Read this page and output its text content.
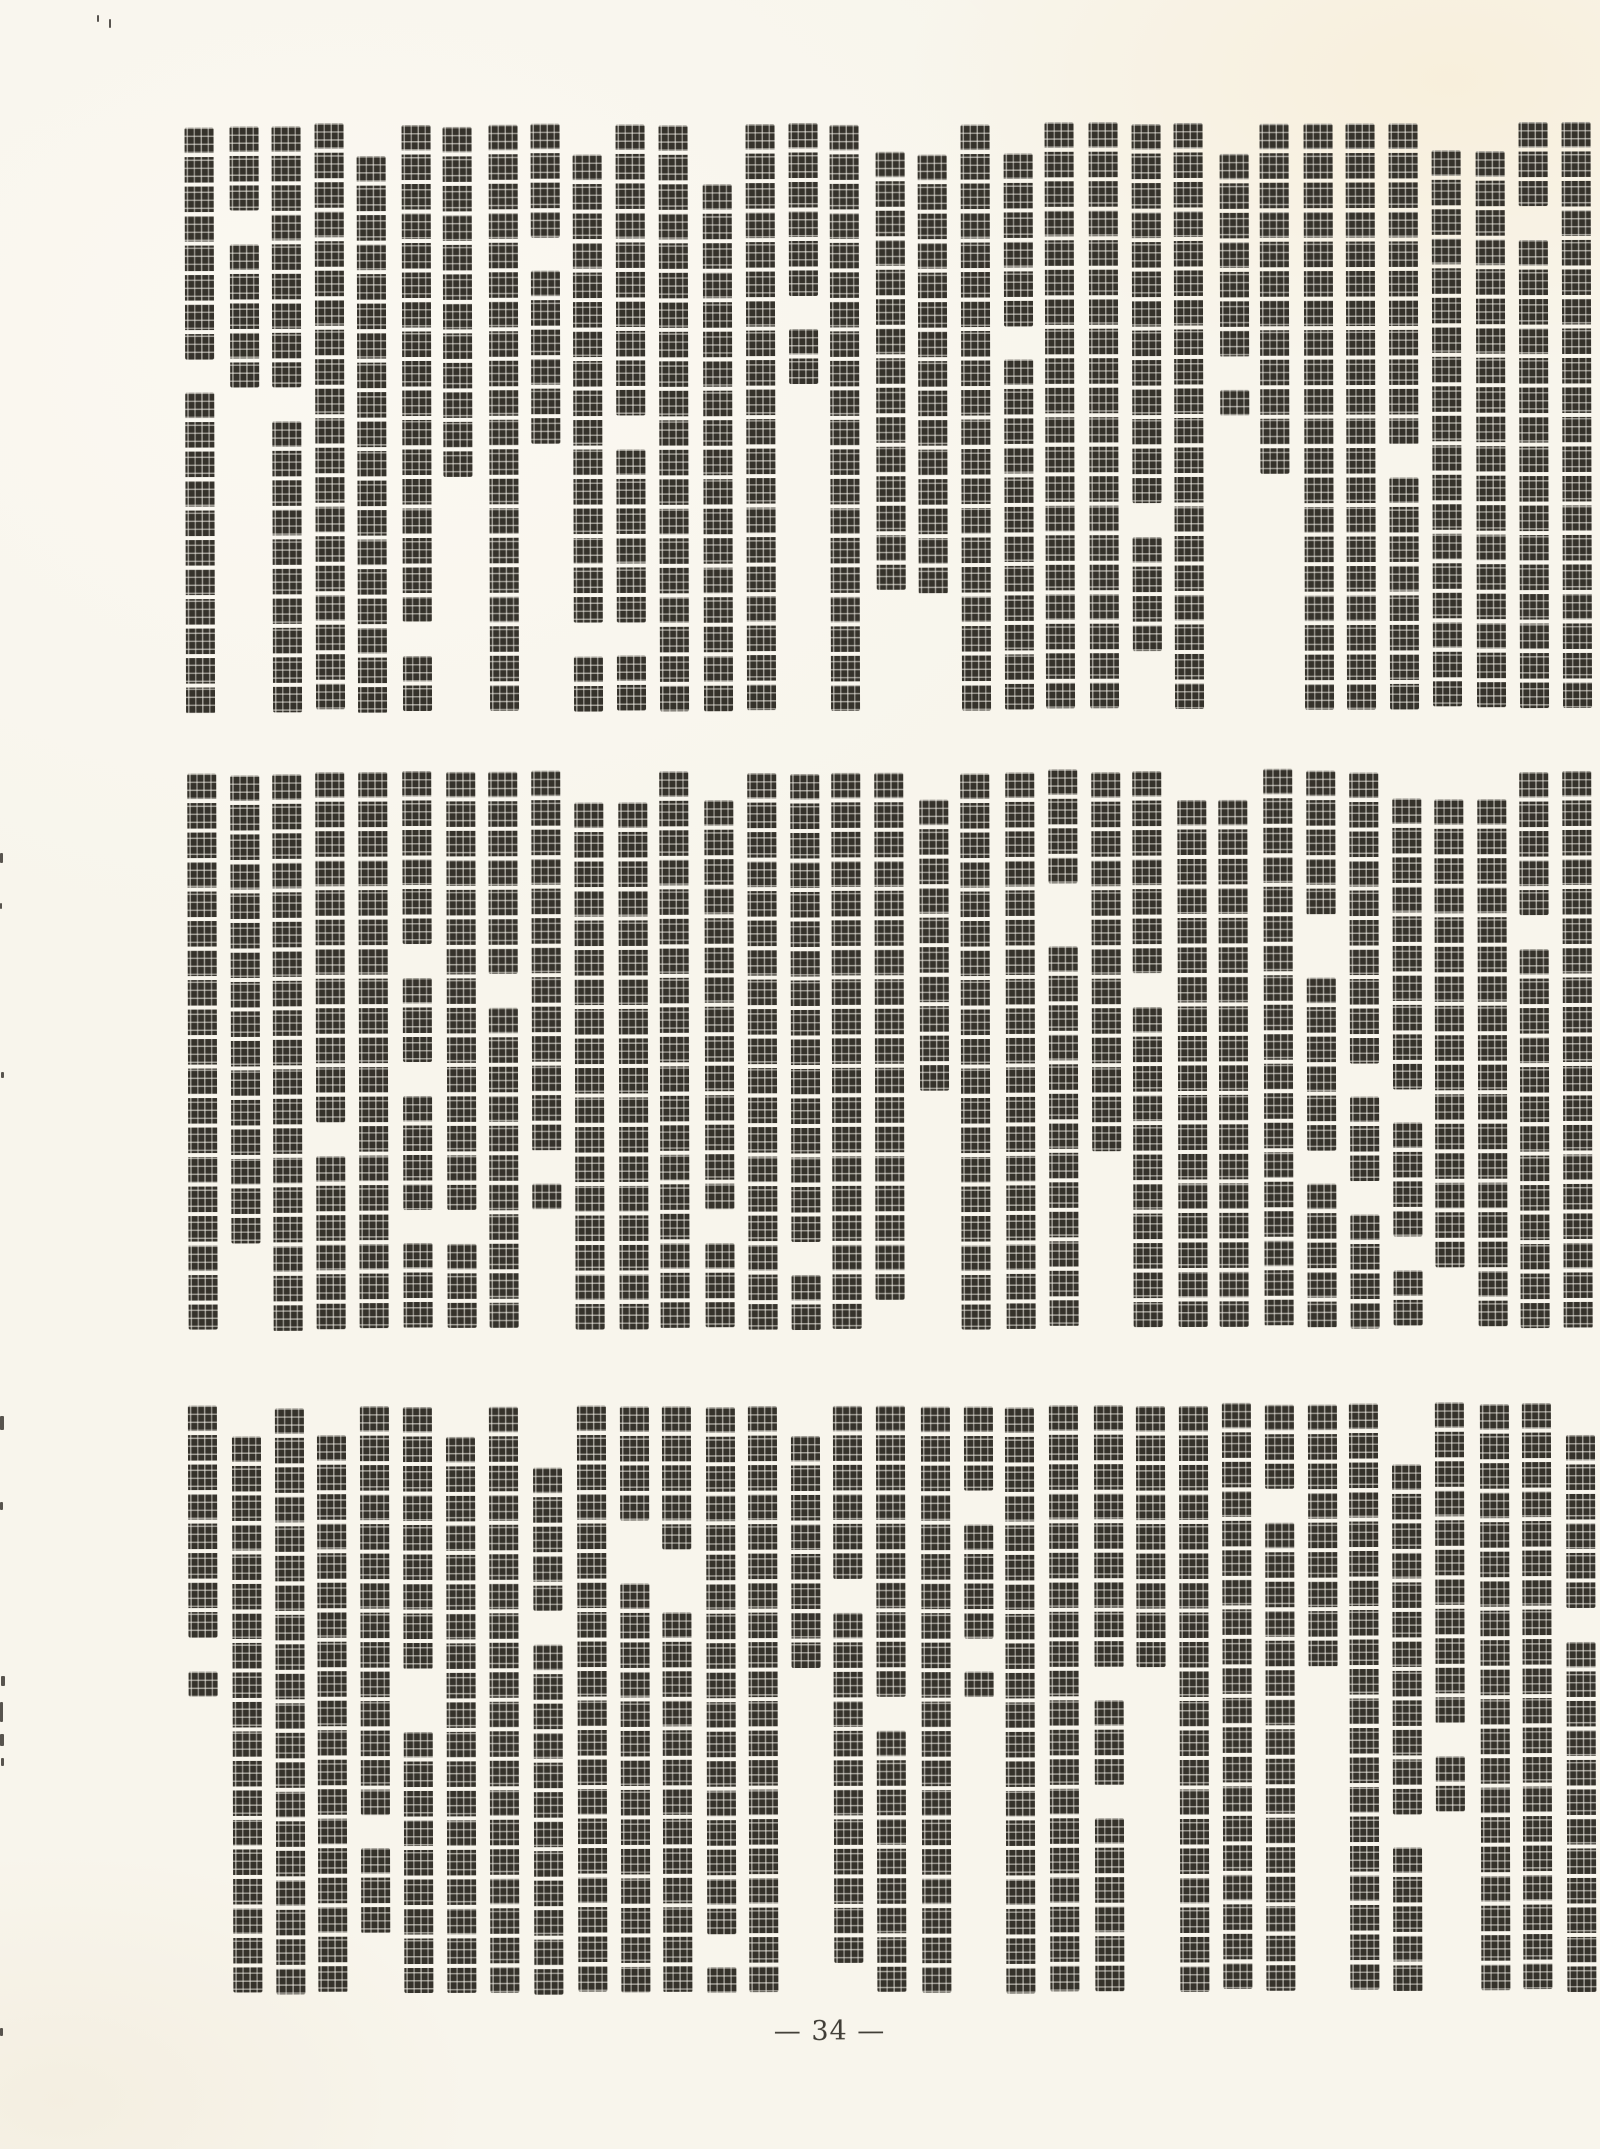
— 34 —
